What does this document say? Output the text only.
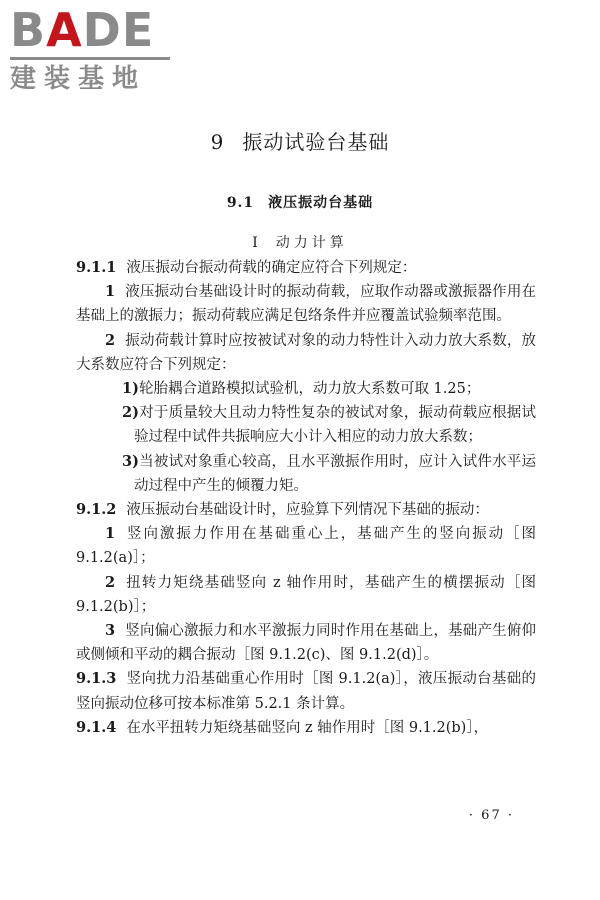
B A DE
建装基地
9 振动试验台基础
9.1 液压振动台基础
Ⅰ 动力计算

9.1.1 液压振动台振动荷载的确定应符合下列规定：

1 液压振动台基础设计时的振动荷载，应取作动器或激振器作用在基础上的激振力；振动荷载应满足包络条件并应覆盖试验频率范围。

2 振动荷载计算时应按被试对象的动力特性计入动力放大系数，放大系数应符合下列规定：

1)轮胎耦合道路模拟试验机，动力放大系数可取 1.25；

2)对于质量较大且动力特性复杂的被试对象，振动荷载应根据试验过程中试件共振响应大小计入相应的动力放大系数；

3)当被试对象重心较高，且水平激振作用时，应计入试件水平运动过程中产生的倾覆力矩。

9.1.2 液压振动台基础设计时，应验算下列情况下基础的振动：

1 竖向激振力作用在基础重心上，基础产生的竖向振动［图 9.1.2(a)］；

2 扭转力矩绕基础竖向 z 轴作用时，基础产生的横摆振动［图 9.1.2(b)］；

3 竖向偏心激振力和水平激振力同时作用在基础上，基础产生俯仰或侧倾和平动的耦合振动［图 9.1.2(c)、图 9.1.2(d)］。

9.1.3 竖向扰力沿基础重心作用时［图 9.1.2(a)］，液压振动台基础的竖向振动位移可按本标准第 5.2.1 条计算。

9.1.4 在水平扭转力矩绕基础竖向 z 轴作用时［图 9.1.2(b)］，

· 67 ·
